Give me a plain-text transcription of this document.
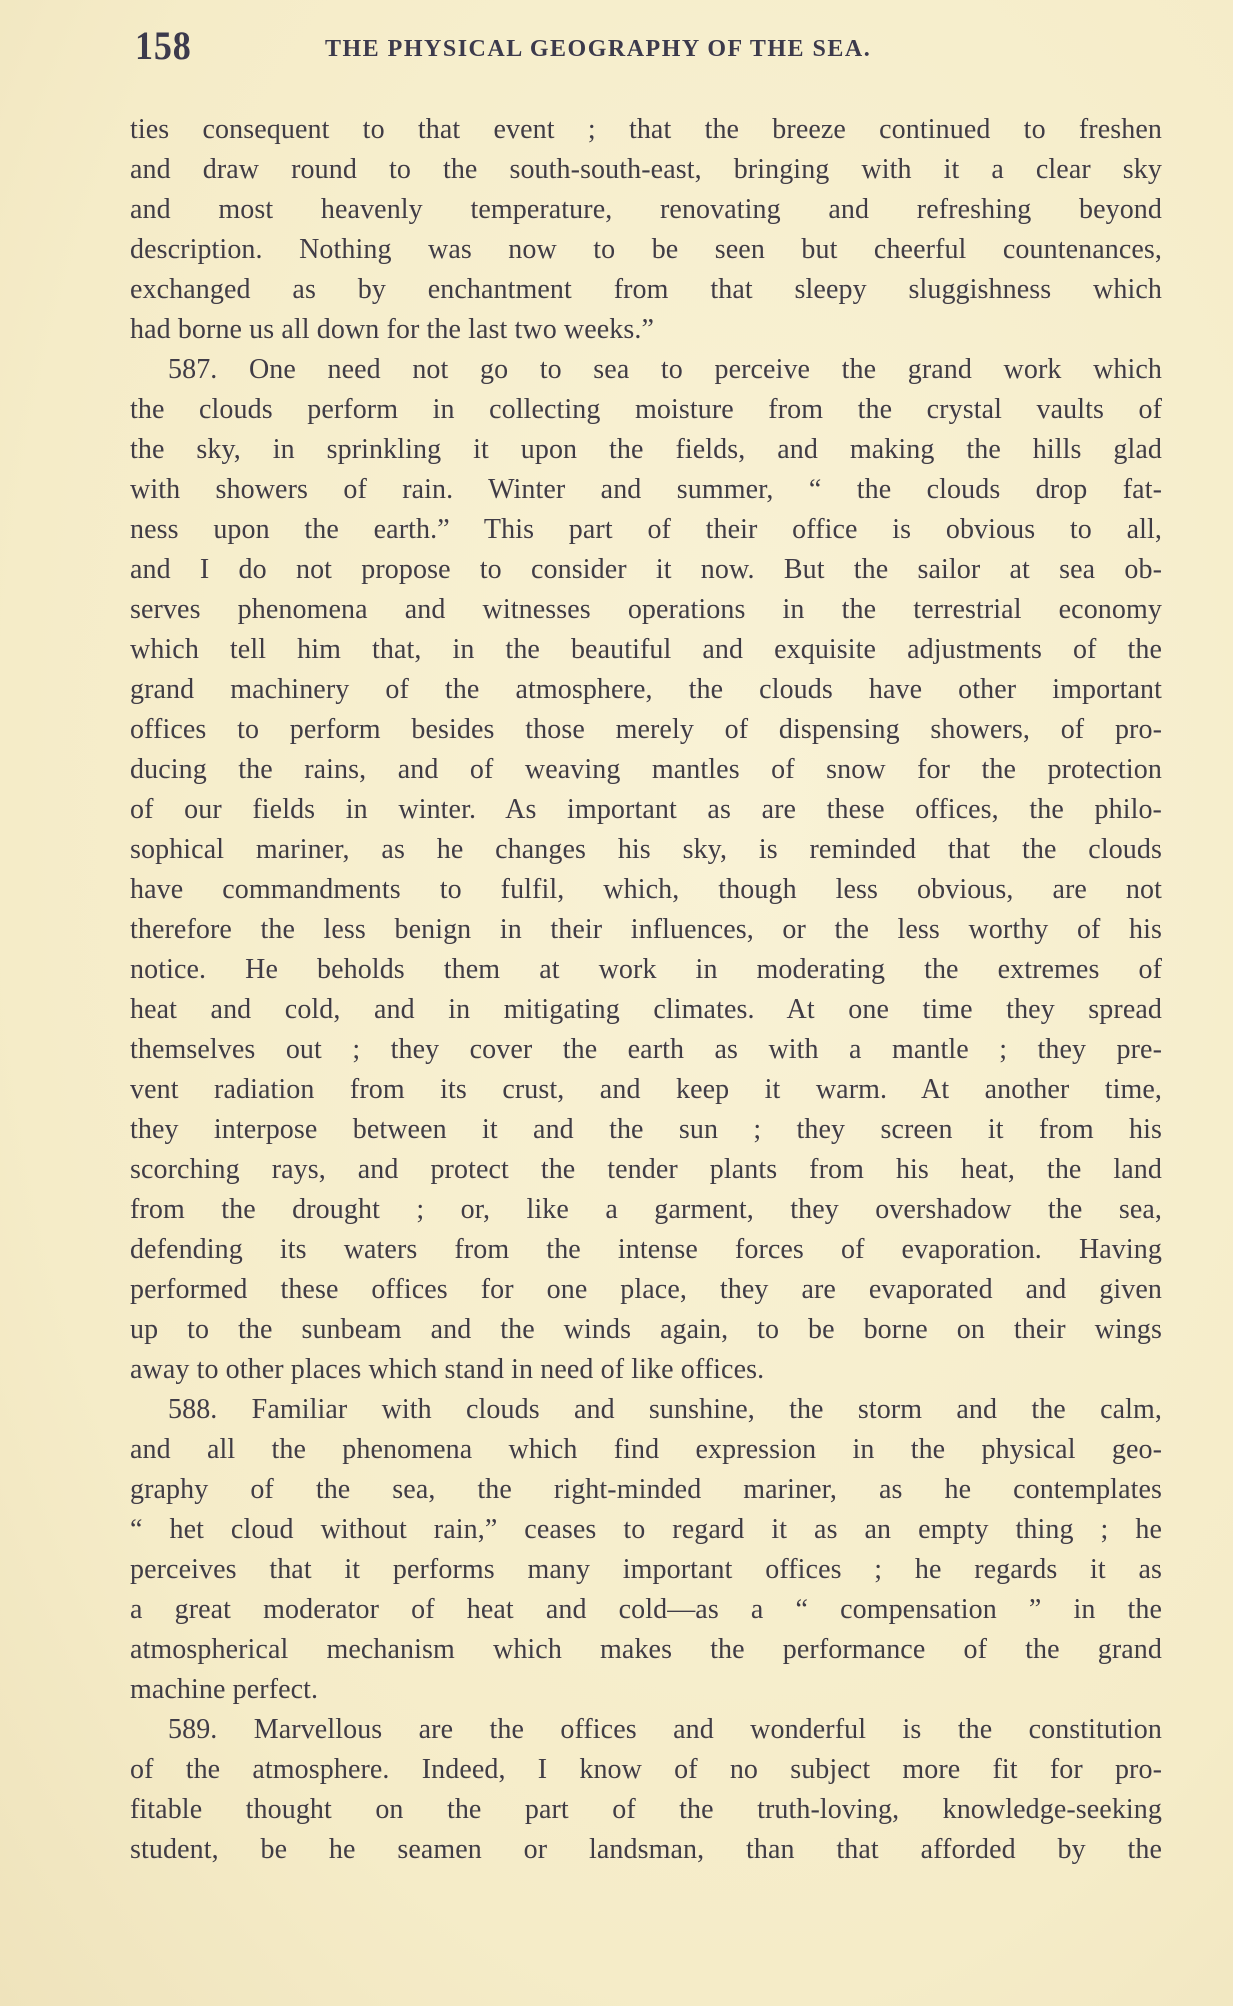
158	THE PHYSICAL GEOGRAPHY OF THE SEA.
ties consequent to that event ; that the breeze continued to freshen
and draw round to the south-south-east, bringing with it a clear sky
and most heavenly temperature, renovating and refreshing beyond
description. Nothing was now to be seen but cheerful countenances,
exchanged as by enchantment from that sleepy sluggishness which
had borne us all down for the last two weeks.”
587. One need not go to sea to perceive the grand work which
the clouds perform in collecting moisture from the crystal vaults of
the sky, in sprinkling it upon the fields, and making the hills glad
with showers of rain. Winter and summer, “ the clouds drop fat-
ness upon the earth.” This part of their office is obvious to all,
and I do not propose to consider it now. But the sailor at sea ob-
serves phenomena and witnesses operations in the terrestrial economy
which tell him that, in the beautiful and exquisite adjustments of the
grand machinery of the atmosphere, the clouds have other important
offices to perform besides those merely of dispensing showers, of pro-
ducing the rains, and of weaving mantles of snow for the protection
of our fields in winter. As important as are these offices, the philo-
sophical mariner, as he changes his sky, is reminded that the clouds
have commandments to fulfil, which, though less obvious, are not
therefore the less benign in their influences, or the less worthy of his
notice. He beholds them at work in moderating the extremes of
heat and cold, and in mitigating climates. At one time they spread
themselves out ; they cover the earth as with a mantle ; they pre-
vent radiation from its crust, and keep it warm. At another time,
they interpose between it and the sun ; they screen it from his
scorching rays, and protect the tender plants from his heat, the land
from the drought ; or, like a garment, they overshadow the sea,
defending its waters from the intense forces of evaporation. Having
performed these offices for one place, they are evaporated and given
up to the sunbeam and the winds again, to be borne on their wings
away to other places which stand in need of like offices.
588. Familiar with clouds and sunshine, the storm and the calm,
and all the phenomena which find expression in the physical geo-
graphy of the sea, the right-minded mariner, as he contemplates
“ het cloud without rain,” ceases to regard it as an empty thing ; he
perceives that it performs many important offices ; he regards it as
a great moderator of heat and cold—as a “ compensation ” in the
atmospherical mechanism which makes the performance of the grand
machine perfect.
589. Marvellous are the offices and wonderful is the constitution
of the atmosphere. Indeed, I know of no subject more fit for pro-
fitable thought on the part of the truth-loving, knowledge-seeking
student, be he seamen or landsman, than that afforded by the
